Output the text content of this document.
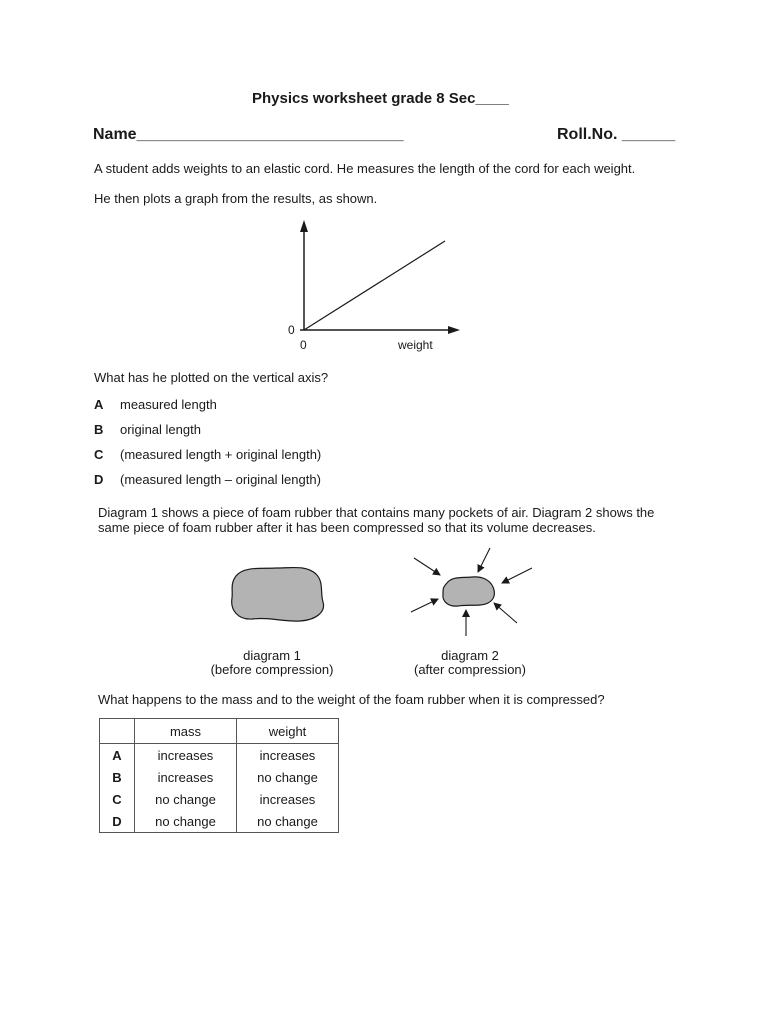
Physics worksheet grade 8 Sec____
Name______________________________	Roll.No. ______
A student adds weights to an elastic cord. He measures the length of the cord for each weight.
He then plots a graph from the results, as shown.
0
0	weight
What has he plotted on the vertical axis?
A measured length
B original length
C (measured length + original length)
D (measured length – original length)
Diagram 1 shows a piece of foam rubber that contains many pockets of air. Diagram 2 shows the
same piece of foam rubber after it has been compressed so that its volume decreases.
diagram 1
(before compression)
diagram 2
(after compression)
What happens to the mass and to the weight of the foam rubber when it is compressed?
	mass	weight
A	increases	increases
B	increases	no change
C	no change	increases
D	no change	no change
